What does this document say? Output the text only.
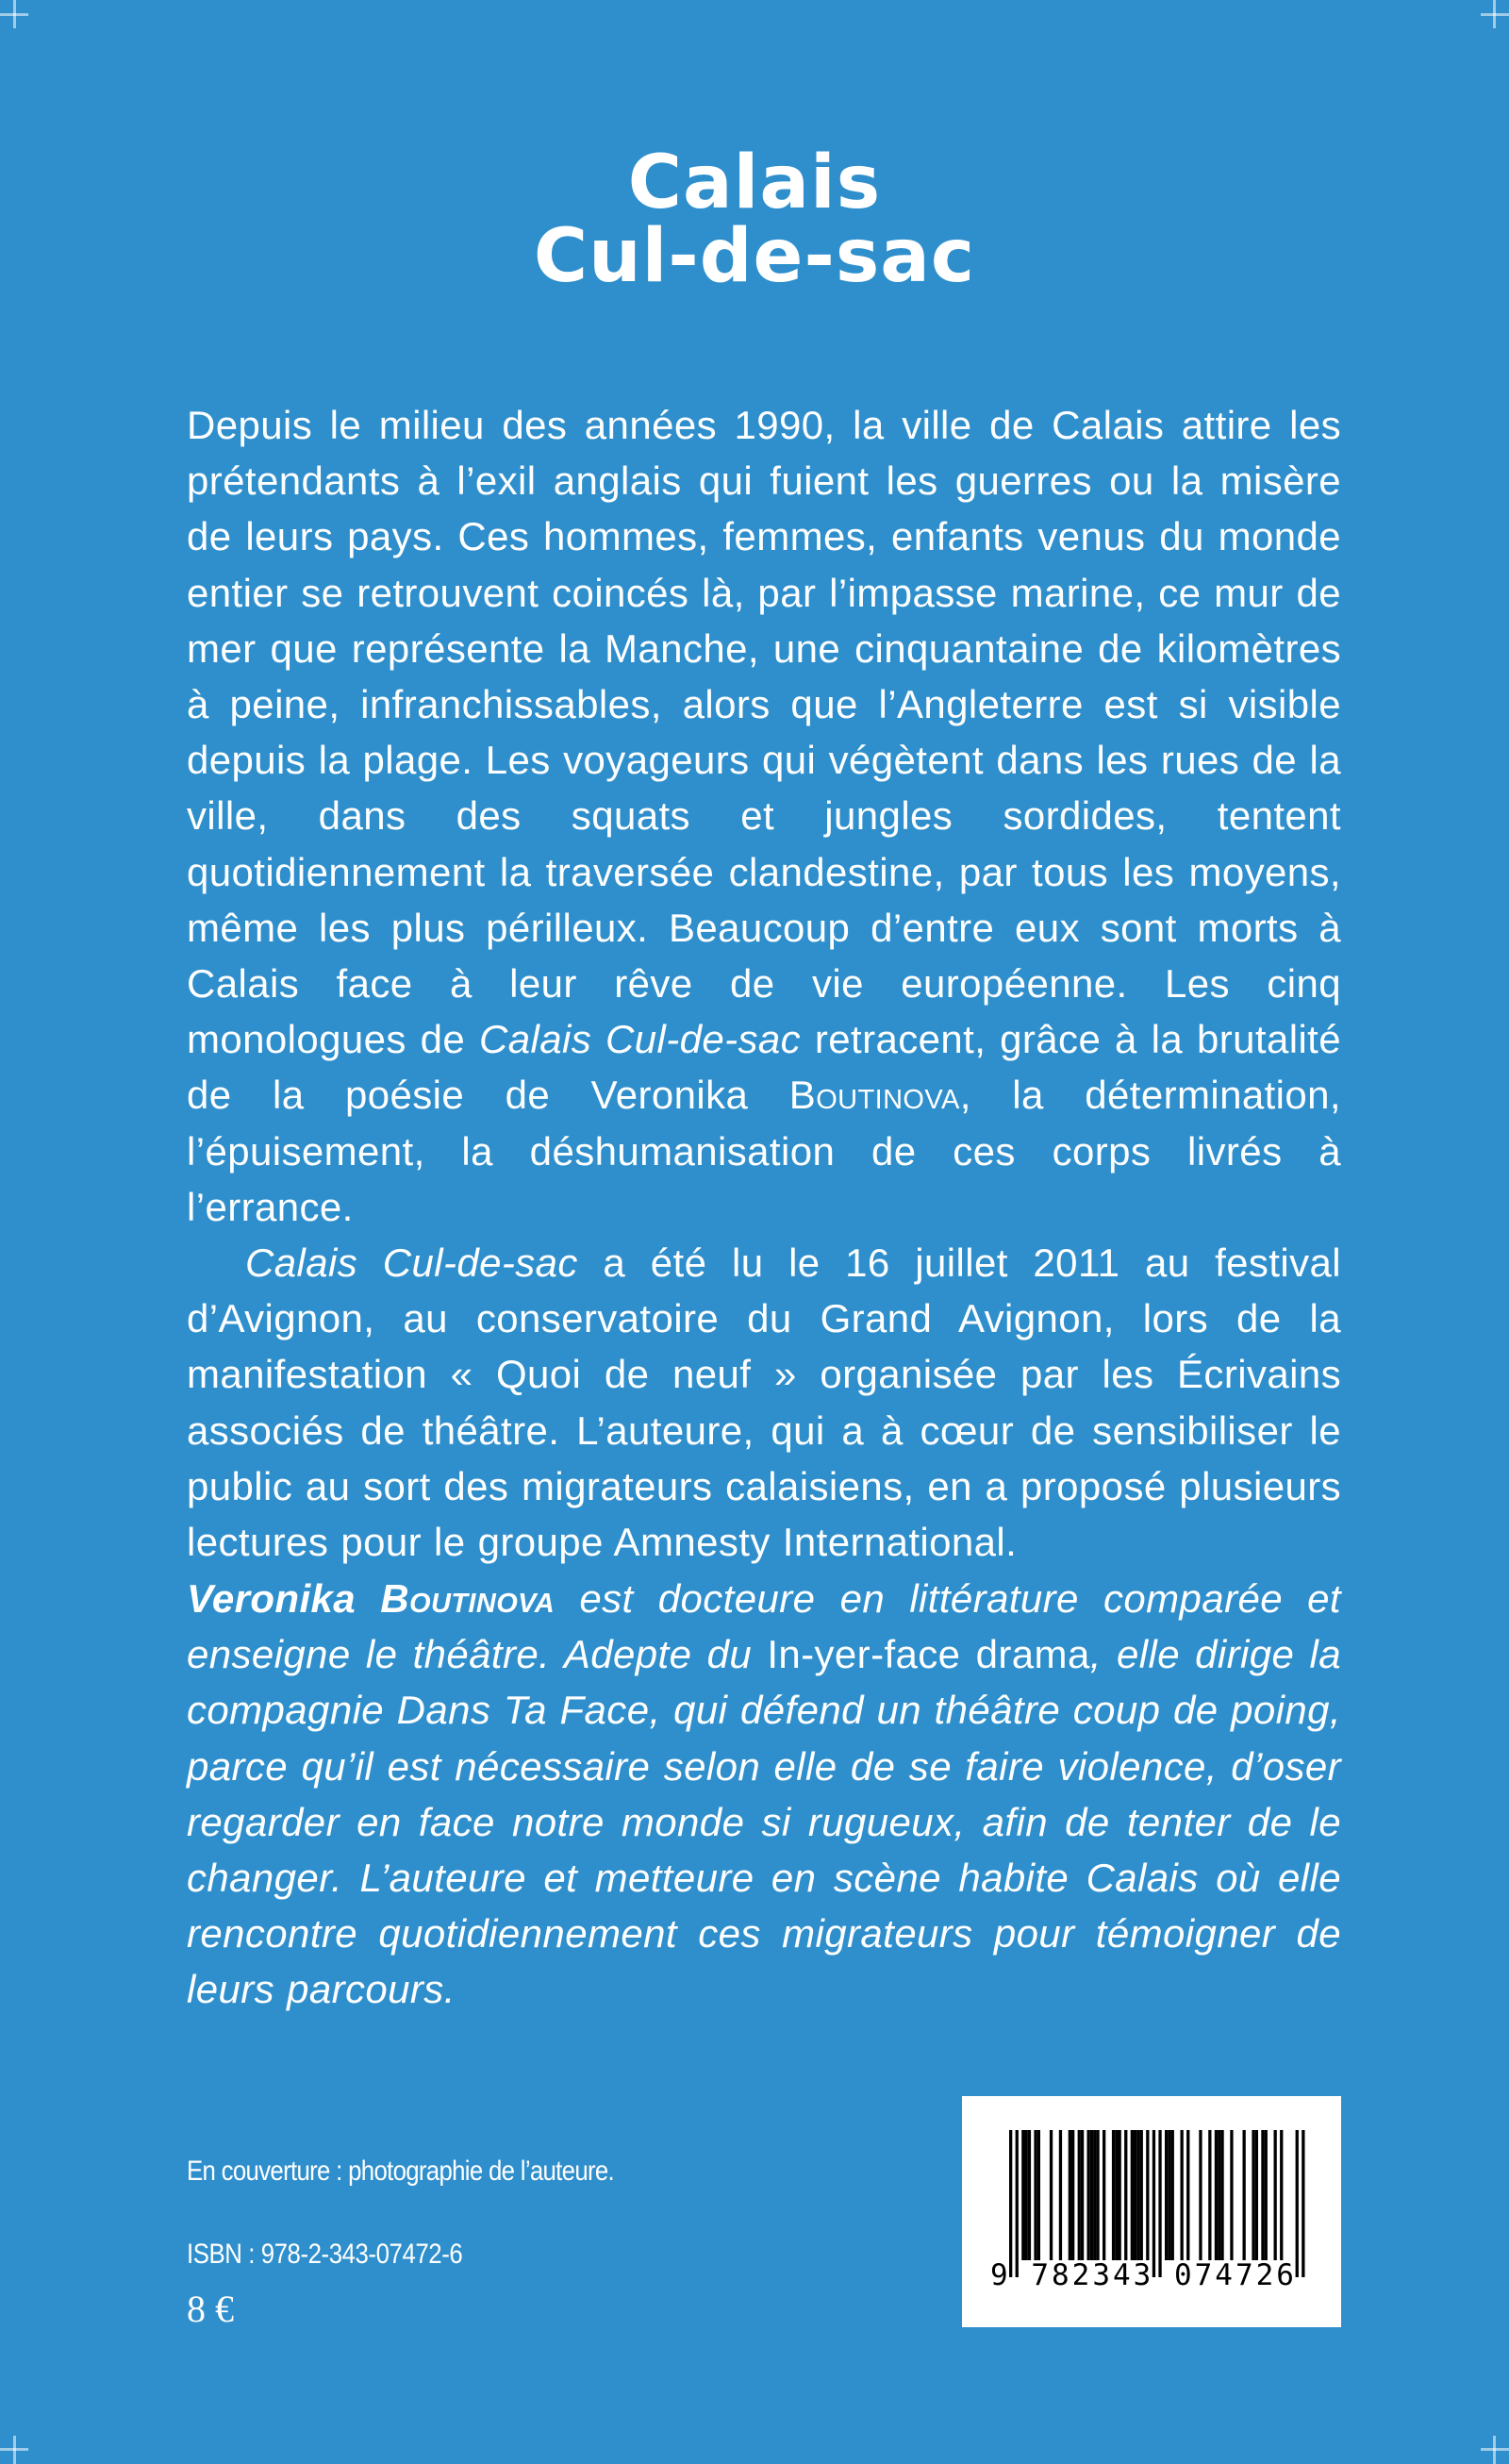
Calais
Cul-de-sac

Depuis le milieu des années 1990, la ville de Calais attire les prétendants à l’exil anglais qui fuient les guerres ou la misère de leurs pays. Ces hommes, femmes, enfants venus du monde entier se retrouvent coincés là, par l’impasse marine, ce mur de mer que représente la Manche, une cinquantaine de kilomètres à peine, infranchissables, alors que l’Angleterre est si visible depuis la plage. Les voyageurs qui végètent dans les rues de la ville, dans des squats et jungles sordides, tentent quotidiennement la traversée clandestine, par tous les moyens, même les plus périlleux. Beaucoup d’entre eux sont morts à Calais face à leur rêve de vie européenne. Les cinq monologues de Calais Cul-de-sac retracent, grâce à la brutalité de la poésie de Veronika Boutinova, la détermination, l’épuisement, la déshumanisation de ces corps livrés à l’errance.

Calais Cul-de-sac a été lu le 16 juillet 2011 au festival d’Avignon, au conservatoire du Grand Avignon, lors de la manifestation « Quoi de neuf » organisée par les Écrivains associés de théâtre. L’auteure, qui a à cœur de sensibiliser le public au sort des migrateurs calaisiens, en a proposé plusieurs lectures pour le groupe Amnesty International.

Veronika Boutinova est docteure en littérature comparée et enseigne le théâtre. Adepte du In-yer-face drama, elle dirige la compagnie Dans Ta Face, qui défend un théâtre coup de poing, parce qu’il est nécessaire selon elle de se faire violence, d’oser regarder en face notre monde si rugueux, afin de tenter de le changer. L’auteure et metteure en scène habite Calais où elle rencontre quotidiennement ces migrateurs pour témoigner de leurs parcours.

En couverture : photographie de l’auteure.
ISBN : 978-2-343-07472-6
8 €
9 782343 074726
